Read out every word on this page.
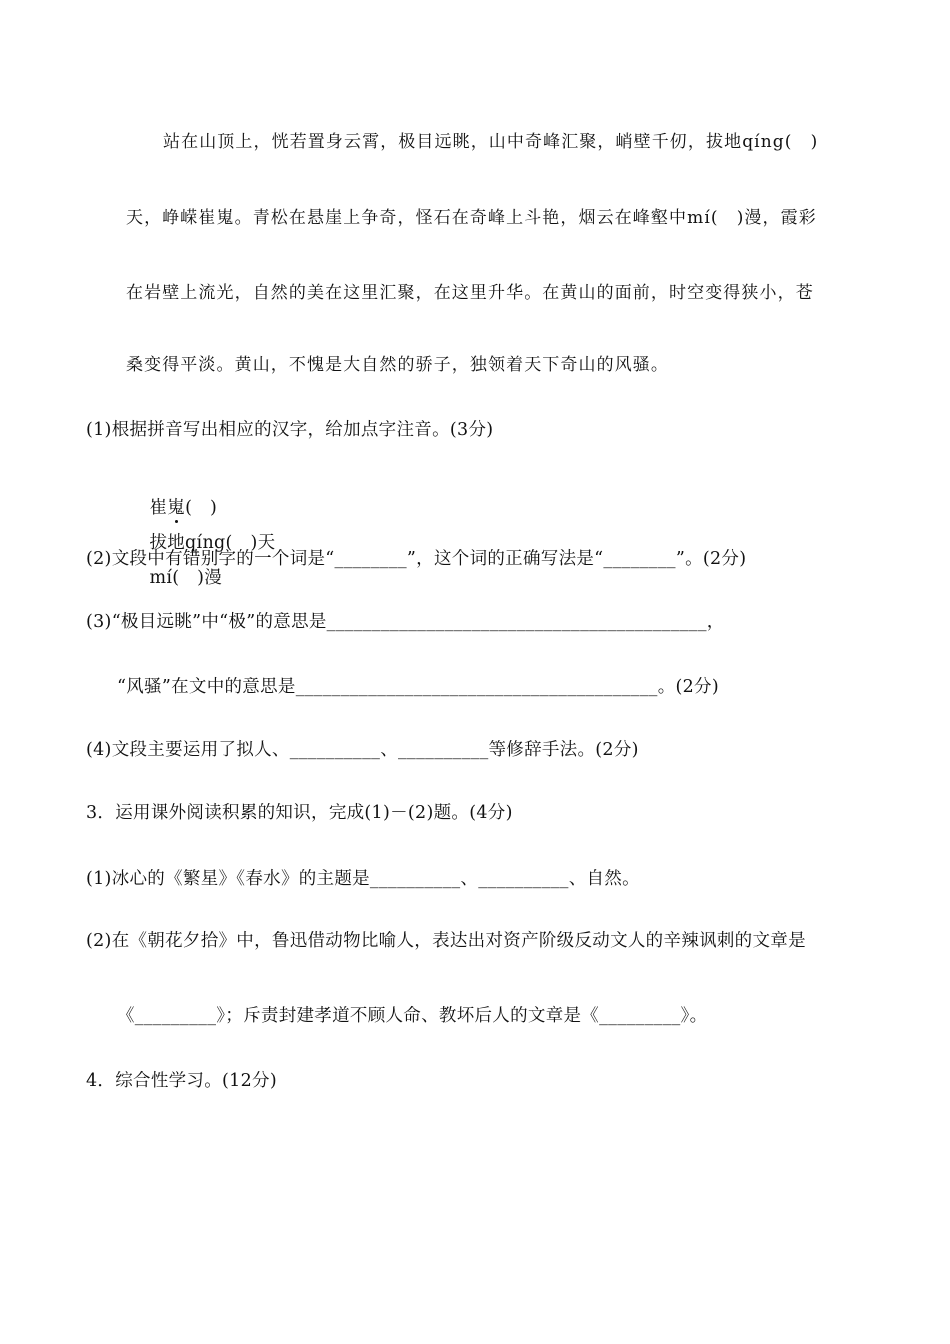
站在山顶上，恍若置身云霄，极目远眺，山中奇峰汇聚，峭壁千仞，拔地qíng(　)
天，峥嵘崔嵬。青松在悬崖上争奇，怪石在奇峰上斗艳，烟云在峰壑中mí(　)漫，霞彩
在岩壁上流光，自然的美在这里汇聚，在这里升华。在黄山的面前，时空变得狭小，苍
桑变得平淡。黄山，不愧是大自然的骄子，独领着天下奇山的风骚。
(1)根据拼音写出相应的汉字，给加点字注音。(3分)

崔嵬(　)

拔地qíng(　)天

mí(　)漫

(2)文段中有错别字的一个词是“________”，这个词的正确写法是“________”。(2分)
(3)“极目远眺”中“极”的意思是__________________________________________，
“风骚”在文中的意思是________________________________________。(2分)
(4)文段主要运用了拟人、__________、__________等修辞手法。(2分)
3．运用课外阅读积累的知识，完成(1)－(2)题。(4分)
(1)冰心的《繁星》《春水》的主题是__________、__________、自然。
(2)在《朝花夕拾》中，鲁迅借动物比喻人，表达出对资产阶级反动文人的辛辣讽刺的文章是
《_________》；斥责封建孝道不顾人命、教坏后人的文章是《_________》。
4．综合性学习。(12分)
